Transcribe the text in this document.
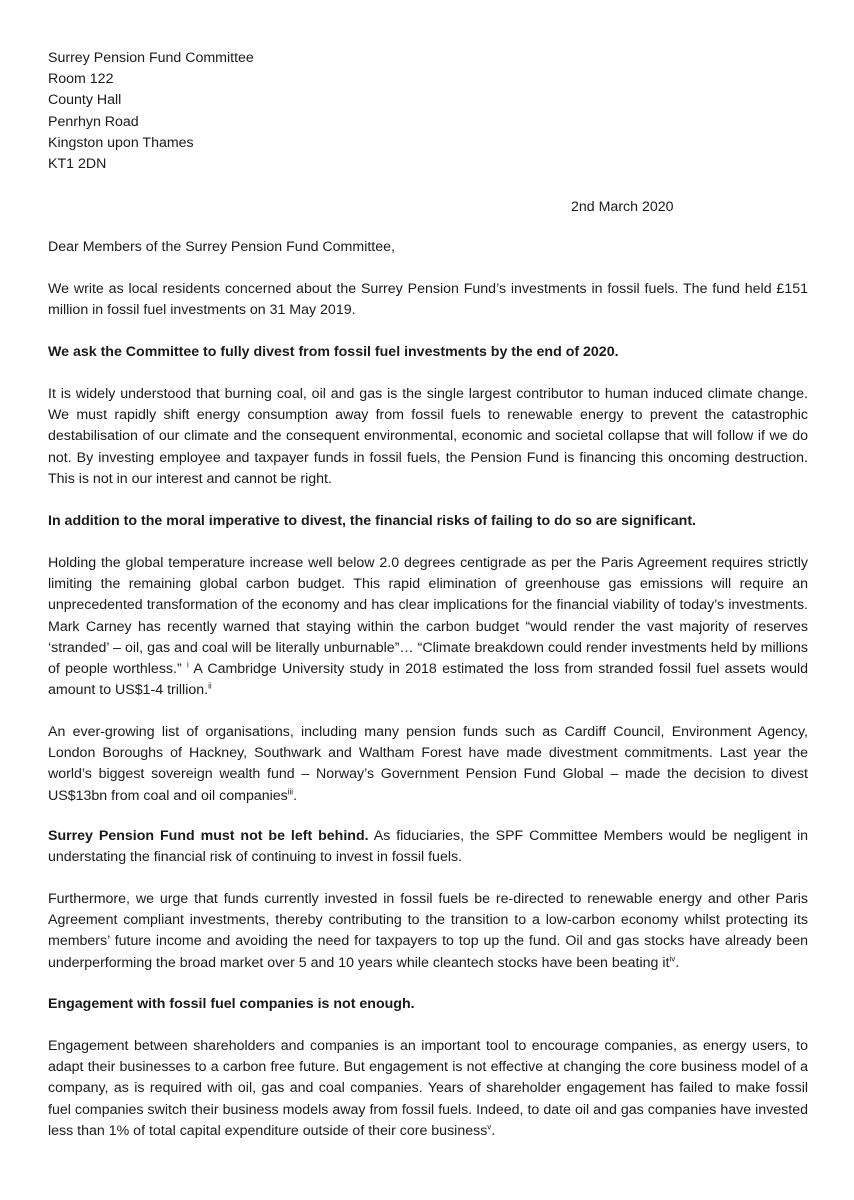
Surrey Pension Fund Committee
Room 122
County Hall
Penrhyn Road
Kingston upon Thames
KT1 2DN
2nd March 2020

Dear Members of the Surrey Pension Fund Committee,

We write as local residents concerned about the Surrey Pension Fund’s investments in fossil fuels. The fund held £151 million in fossil fuel investments on 31 May 2019.

We ask the Committee to fully divest from fossil fuel investments by the end of 2020.

It is widely understood that burning coal, oil and gas is the single largest contributor to human induced climate change. We must rapidly shift energy consumption away from fossil fuels to renewable energy to prevent the catastrophic destabilisation of our climate and the consequent environmental, economic and societal collapse that will follow if we do not. By investing employee and taxpayer funds in fossil fuels, the Pension Fund is financing this oncoming destruction. This is not in our interest and cannot be right.

In addition to the moral imperative to divest, the financial risks of failing to do so are significant.

Holding the global temperature increase well below 2.0 degrees centigrade as per the Paris Agreement requires strictly limiting the remaining global carbon budget. This rapid elimination of greenhouse gas emissions will require an unprecedented transformation of the economy and has clear implications for the financial viability of today’s investments. Mark Carney has recently warned that staying within the carbon budget “would render the vast majority of reserves ‘stranded’ – oil, gas and coal will be literally unburnable”… “Climate breakdown could render investments held by millions of people worthless.” $^i$ A Cambridge University study in 2018 estimated the loss from stranded fossil fuel assets would amount to US$1-4 trillion.$^{ii}$

An ever-growing list of organisations, including many pension funds such as Cardiff Council, Environment Agency, London Boroughs of Hackney, Southwark and Waltham Forest have made divestment commitments. Last year the world’s biggest sovereign wealth fund – Norway’s Government Pension Fund Global – made the decision to divest US$13bn from coal and oil companies$^{iii}$.

Surrey Pension Fund must not be left behind. As fiduciaries, the SPF Committee Members would be negligent in understating the financial risk of continuing to invest in fossil fuels.

Furthermore, we urge that funds currently invested in fossil fuels be re-directed to renewable energy and other Paris Agreement compliant investments, thereby contributing to the transition to a low-carbon economy whilst protecting its members’ future income and avoiding the need for taxpayers to top up the fund. Oil and gas stocks have already been underperforming the broad market over 5 and 10 years while cleantech stocks have been beating $it^{iv}$.

Engagement with fossil fuel companies is not enough.

Engagement between shareholders and companies is an important tool to encourage companies, as energy users, to adapt their businesses to a carbon free future. But engagement is not effective at changing the core business model of a company, as is required with oil, gas and coal companies. Years of shareholder engagement has failed to make fossil fuel companies switch their business models away from fossil fuels. Indeed, to date oil and gas companies have invested less than 1% of total capital expenditure outside of their core business$^v$.
